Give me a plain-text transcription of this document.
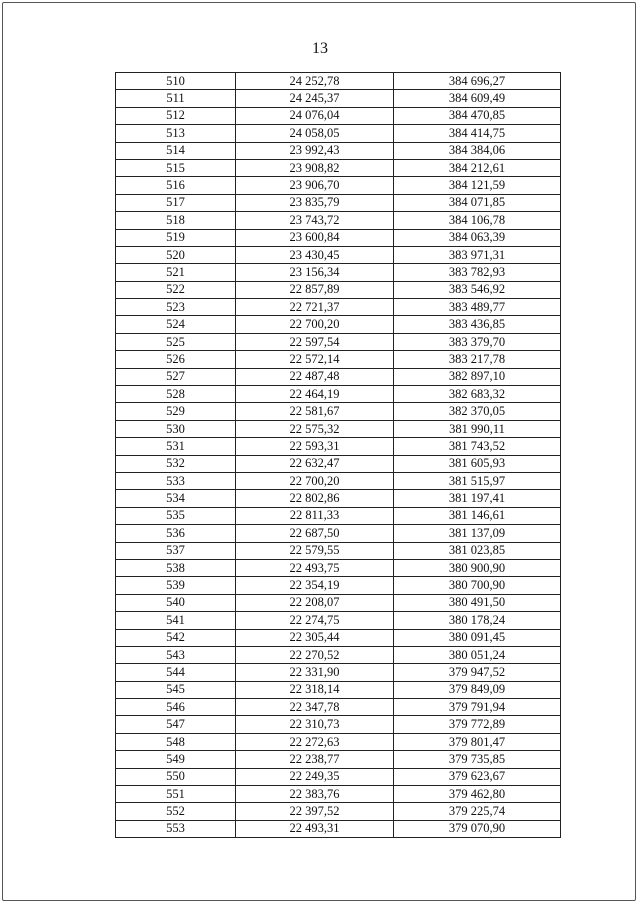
13
510	24 252,78	384 696,27
511	24 245,37	384 609,49
512	24 076,04	384 470,85
513	24 058,05	384 414,75
514	23 992,43	384 384,06
515	23 908,82	384 212,61
516	23 906,70	384 121,59
517	23 835,79	384 071,85
518	23 743,72	384 106,78
519	23 600,84	384 063,39
520	23 430,45	383 971,31
521	23 156,34	383 782,93
522	22 857,89	383 546,92
523	22 721,37	383 489,77
524	22 700,20	383 436,85
525	22 597,54	383 379,70
526	22 572,14	383 217,78
527	22 487,48	382 897,10
528	22 464,19	382 683,32
529	22 581,67	382 370,05
530	22 575,32	381 990,11
531	22 593,31	381 743,52
532	22 632,47	381 605,93
533	22 700,20	381 515,97
534	22 802,86	381 197,41
535	22 811,33	381 146,61
536	22 687,50	381 137,09
537	22 579,55	381 023,85
538	22 493,75	380 900,90
539	22 354,19	380 700,90
540	22 208,07	380 491,50
541	22 274,75	380 178,24
542	22 305,44	380 091,45
543	22 270,52	380 051,24
544	22 331,90	379 947,52
545	22 318,14	379 849,09
546	22 347,78	379 791,94
547	22 310,73	379 772,89
548	22 272,63	379 801,47
549	22 238,77	379 735,85
550	22 249,35	379 623,67
551	22 383,76	379 462,80
552	22 397,52	379 225,74
553	22 493,31	379 070,90
